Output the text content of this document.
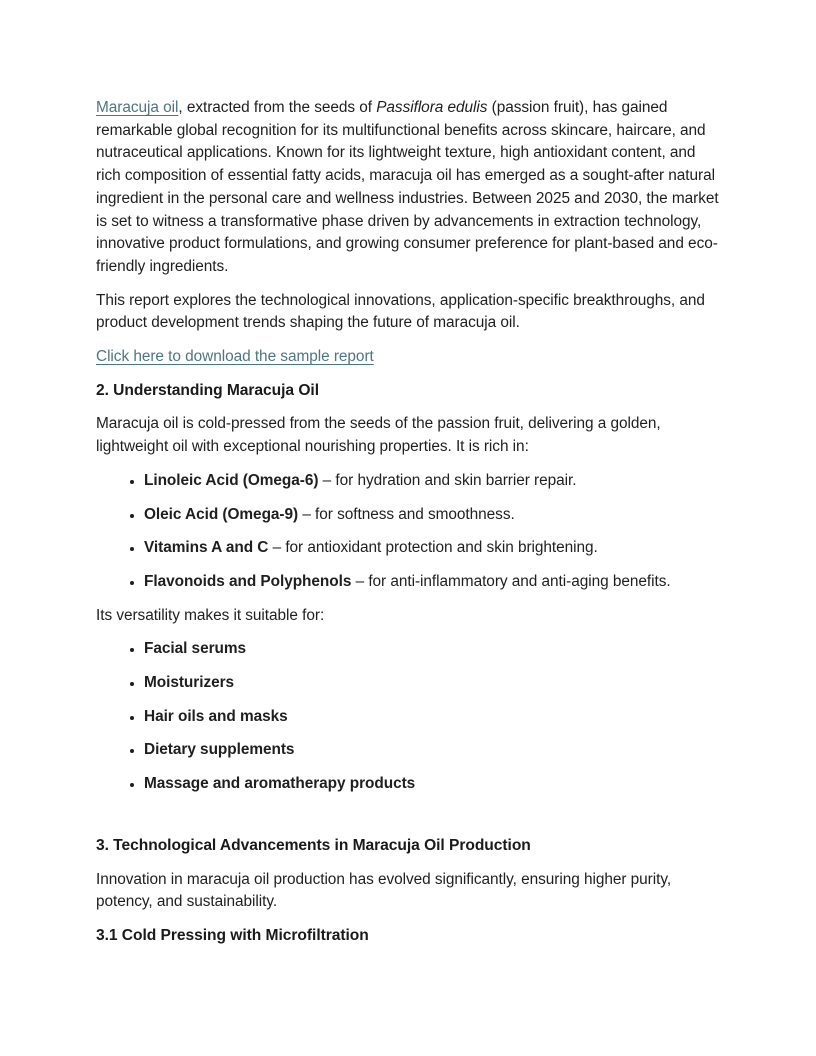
Maracuja oil, extracted from the seeds of Passiflora edulis (passion fruit), has gained remarkable global recognition for its multifunctional benefits across skincare, haircare, and nutraceutical applications. Known for its lightweight texture, high antioxidant content, and rich composition of essential fatty acids, maracuja oil has emerged as a sought-after natural ingredient in the personal care and wellness industries. Between 2025 and 2030, the market is set to witness a transformative phase driven by advancements in extraction technology, innovative product formulations, and growing consumer preference for plant-based and eco-friendly ingredients.

This report explores the technological innovations, application-specific breakthroughs, and product development trends shaping the future of maracuja oil.

Click here to download the sample report

2. Understanding Maracuja Oil

Maracuja oil is cold-pressed from the seeds of the passion fruit, delivering a golden, lightweight oil with exceptional nourishing properties. It is rich in:

• Linoleic Acid (Omega-6) – for hydration and skin barrier repair.
• Oleic Acid (Omega-9) – for softness and smoothness.
• Vitamins A and C – for antioxidant protection and skin brightening.
• Flavonoids and Polyphenols – for anti-inflammatory and anti-aging benefits.

Its versatility makes it suitable for:

• Facial serums
• Moisturizers
• Hair oils and masks
• Dietary supplements
• Massage and aromatherapy products
3. Technological Advancements in Maracuja Oil Production

Innovation in maracuja oil production has evolved significantly, ensuring higher purity, potency, and sustainability.

3.1 Cold Pressing with Microfiltration
